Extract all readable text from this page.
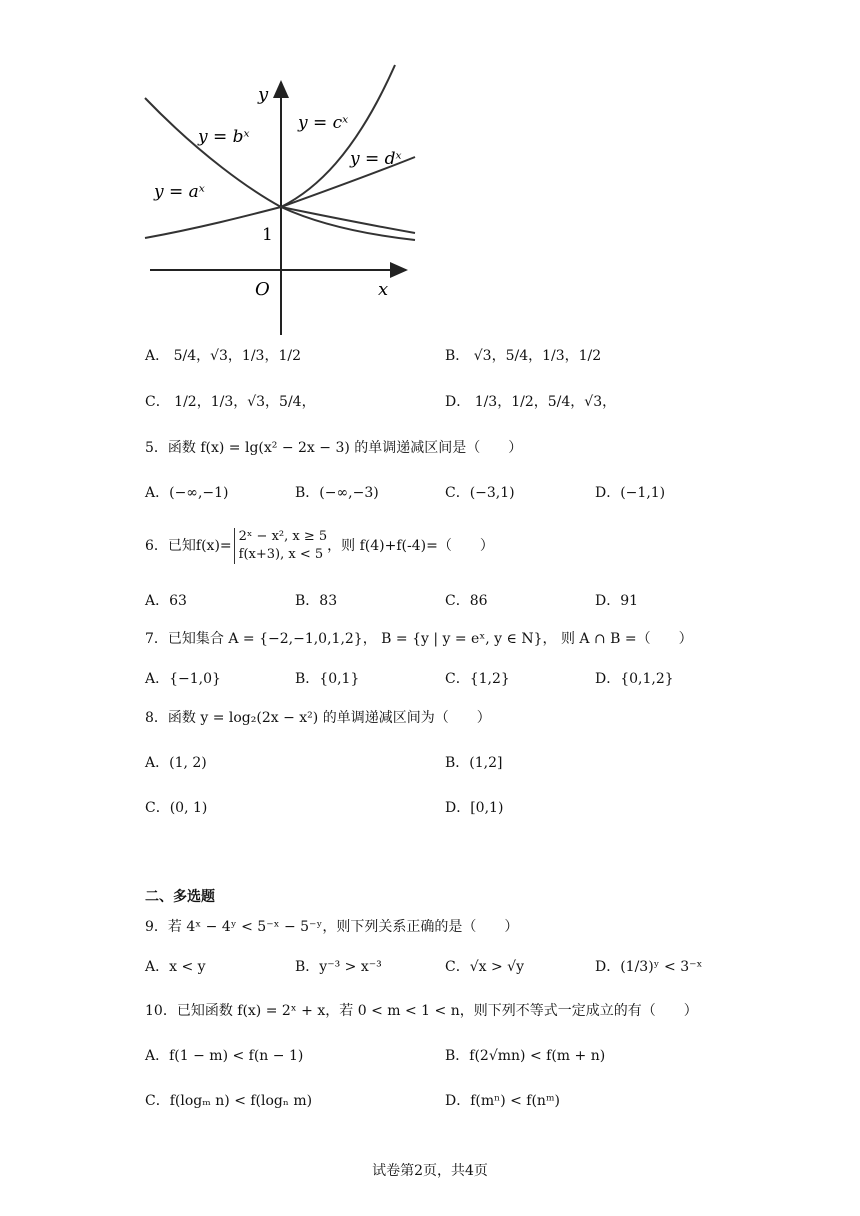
y
x
O
1
y = bˣ
y = cˣ
y = dˣ
y = aˣ
A． 5/4，√3，1/3，1/2	B． √3，5/4，1/3，1/2
C． 1/2，1/3，√3，5/4，	D． 1/3，1/2，5/4，√3，
5．函数 f(x) = lg(x² − 2x − 3) 的单调递减区间是（　　）
A．(−∞,−1)	B．(−∞,−3)	C．(−3,1)	D．(−1,1)
6．已知f(x)=2ˣ − x², x ≥ 5
f(x+3), x < 5，则 f(4)+f(-4)=（　　）
A．63	B．83	C．86	D．91
7．已知集合 A = {−2,−1,0,1,2}， B = {y | y = eˣ, y ∈ N}， 则 A ∩ B =（　　）
A．{−1,0}	B．{0,1}	C．{1,2}	D．{0,1,2}
8．函数 y = log₂(2x − x²) 的单调递减区间为（　　）
A．(1, 2)	B．(1,2]
C．(0, 1)	D．[0,1)
二、多选题
9．若 4ˣ − 4ʸ < 5⁻ˣ − 5⁻ʸ，则下列关系正确的是（　　）
A．x < y	B．y⁻³ > x⁻³	C．√x > √y	D．(1/3)ʸ < 3⁻ˣ
10．已知函数 f(x) = 2ˣ + x，若 0 < m < 1 < n，则下列不等式一定成立的有（　　）
A．f(1 − m) < f(n − 1)	B．f(2√mn) < f(m + n)
C．f(logₘ n) < f(logₙ m)	D．f(mⁿ) < f(nᵐ)
试卷第2页，共4页
